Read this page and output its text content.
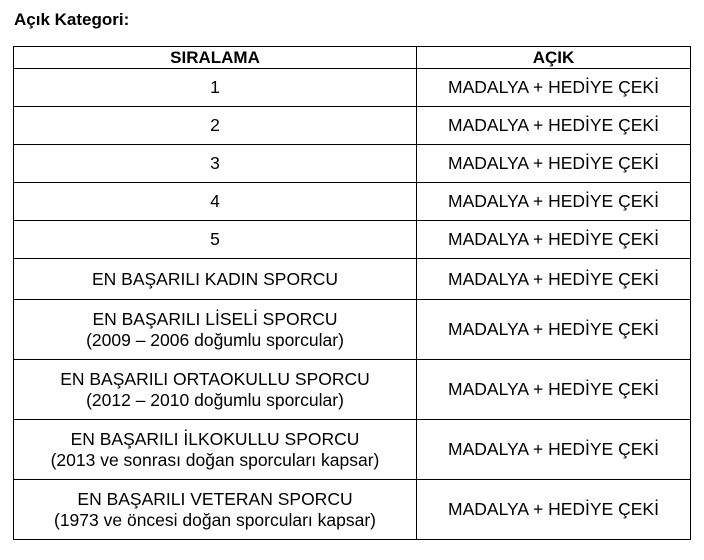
Açık Kategori:
SIRALAMA	AÇIK
1	MADALYA + HEDİYE ÇEKİ
2	MADALYA + HEDİYE ÇEKİ
3	MADALYA + HEDİYE ÇEKİ
4	MADALYA + HEDİYE ÇEKİ
5	MADALYA + HEDİYE ÇEKİ
EN BAŞARILI KADIN SPORCU	MADALYA + HEDİYE ÇEKİ

EN BAŞARILI LİSELİ SPORCU
(2009 – 2006 doğumlu sporcular)	MADALYA + HEDİYE ÇEKİ

EN BAŞARILI ORTAOKULLU SPORCU
(2012 – 2010 doğumlu sporcular)	MADALYA + HEDİYE ÇEKİ

EN BAŞARILI İLKOKULLU SPORCU
(2013 ve sonrası doğan sporcuları kapsar)	MADALYA + HEDİYE ÇEKİ

EN BAŞARILI VETERAN SPORCU
(1973 ve öncesi doğan sporcuları kapsar)	MADALYA + HEDİYE ÇEKİ
